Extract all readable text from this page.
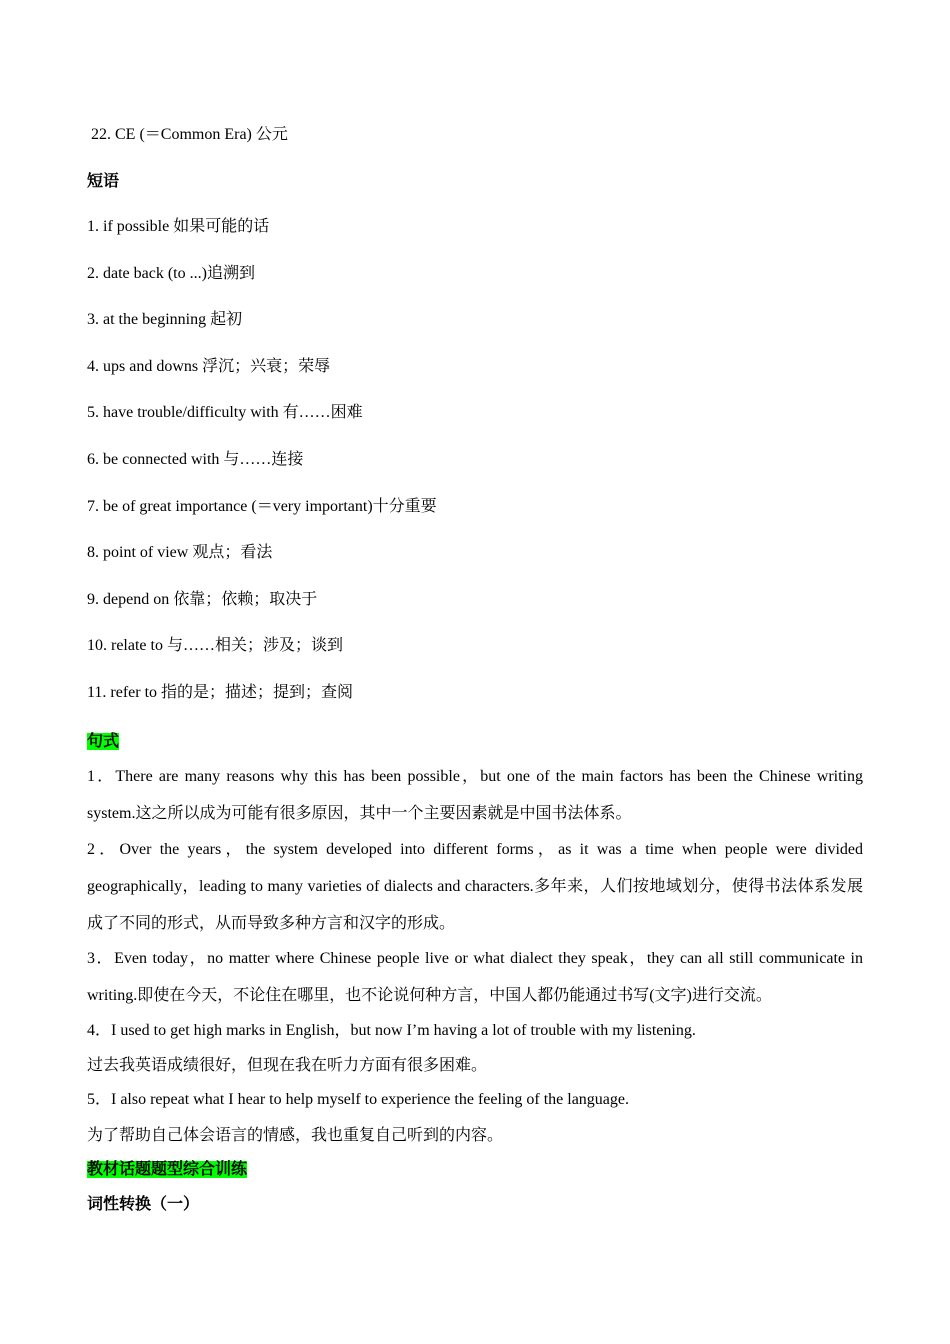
22. CE (＝Common Era) 公元
短语
1. if possible 如果可能的话
2. date back (to ...)追溯到
3. at the beginning 起初
4. ups and downs 浮沉；兴衰；荣辱
5. have trouble/difficulty with 有……困难
6. be connected with 与……连接
7. be of great importance (＝very important)十分重要
8. point of view 观点；看法
9. depend on 依靠；依赖；取决于
10. relate to 与……相关；涉及；谈到
11. refer to 指的是；描述；提到；查阅
句式
1．There are many reasons why this has been possible，but one of the main factors has been the Chinese writing system.这之所以成为可能有很多原因，其中一个主要因素就是中国书法体系。
2．Over the years，the system developed into different forms，as it was a time when people were divided geographically，leading to many varieties of dialects and characters.多年来，人们按地域划分，使得书法体系发展成了不同的形式，从而导致多种方言和汉字的形成。
3．Even today，no matter where Chinese people live or what dialect they speak，they can all still communicate in writing.即使在今天，不论住在哪里，也不论说何种方言，中国人都仍能通过书写(文字)进行交流。
4．I used to get high marks in English，but now I’m having a lot of trouble with my listening.
过去我英语成绩很好，但现在我在听力方面有很多困难。
5．I also repeat what I hear to help myself to experience the feeling of the language.
为了帮助自己体会语言的情感，我也重复自己听到的内容。
教材话题题型综合训练
词性转换（一）
